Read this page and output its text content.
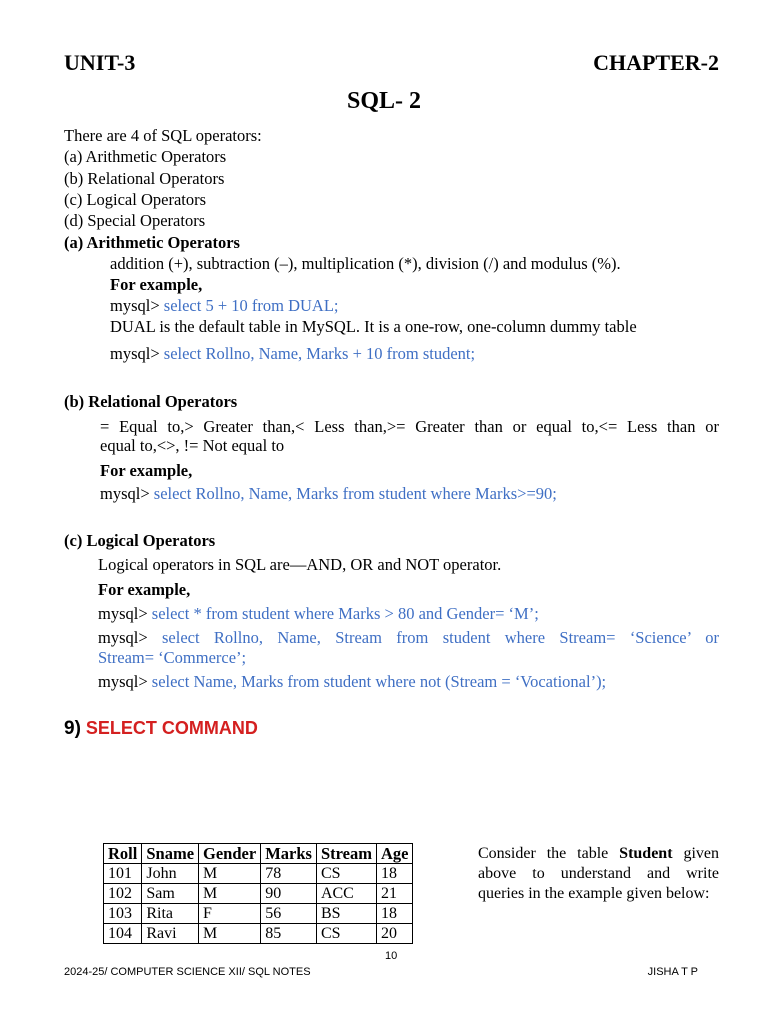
UNIT-3	CHAPTER-2
SQL- 2
There are 4 of SQL operators:
(a) Arithmetic Operators
(b) Relational Operators
(c) Logical Operators
(d) Special Operators
(a) Arithmetic Operators
addition (+), subtraction (–), multiplication (*), division (/) and modulus (%).
For example,
mysql> select 5 + 10 from DUAL;
DUAL is the default table in MySQL. It is a one-row, one-column dummy table
mysql> select Rollno, Name, Marks + 10 from student;
(b) Relational Operators
= Equal to,> Greater than,< Less than,>= Greater than or equal to,<= Less than or
equal to,<>, != Not equal to
For example,
mysql> select Rollno, Name, Marks from student where Marks>=90;
(c) Logical Operators
Logical operators in SQL are—AND, OR and NOT operator.
For example,
mysql> select * from student where Marks > 80 and Gender= ‘M’;
mysql> select Rollno, Name, Stream from student where Stream= ‘Science’ or
Stream= ‘Commerce’;
mysql> select Name, Marks from student where not (Stream = ‘Vocational’);
9) SELECT COMMAND
Roll	Sname	Gender	Marks	Stream	Age
101	John	M	78	CS	18
102	Sam	M	90	ACC	21
103	Rita	F	56	BS	18
104	Ravi	M	85	CS	20
Consider the table Student given above to understand and write queries in the example given below:
10
2024-25/ COMPUTER SCIENCE XII/ SQL NOTES	JISHA T P
